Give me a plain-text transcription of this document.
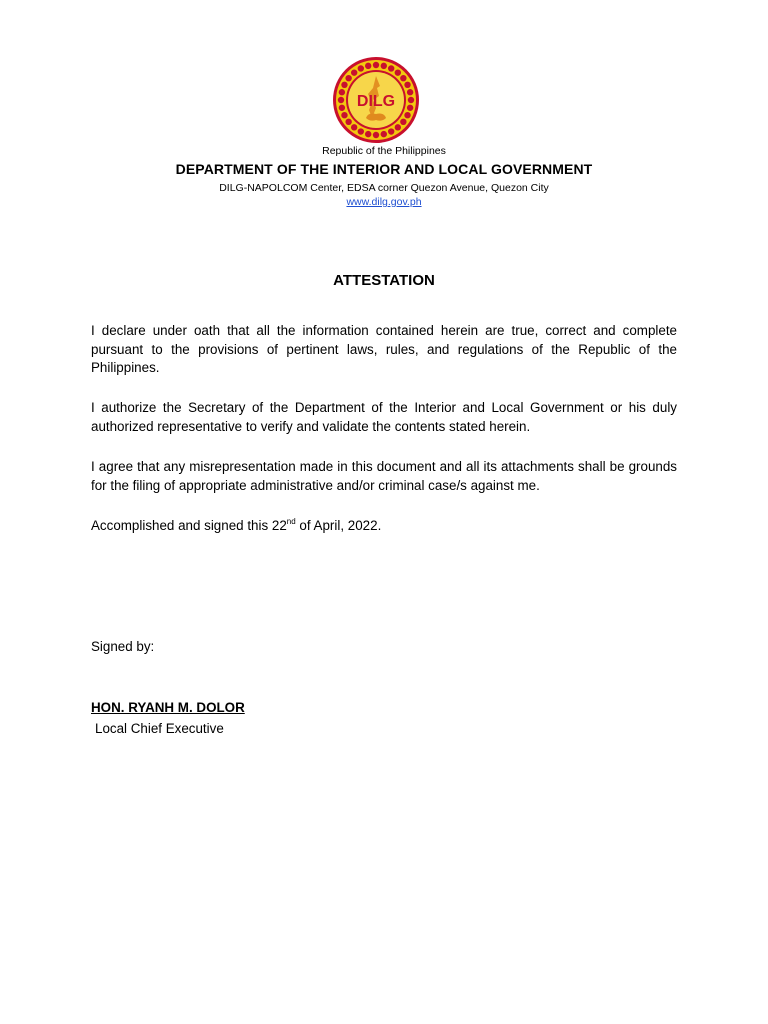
DILG
Republic of the Philippines
DEPARTMENT OF THE INTERIOR AND LOCAL GOVERNMENT
DILG-NAPOLCOM Center, EDSA corner Quezon Avenue, Quezon City
www.dilg.gov.ph
ATTESTATION
I declare under oath that all the information contained herein are true, correct and complete pursuant to the provisions of pertinent laws, rules, and regulations of the Republic of the Philippines.
I authorize the Secretary of the Department of the Interior and Local Government or his duly authorized representative to verify and validate the contents stated herein.
I agree that any misrepresentation made in this document and all its attachments shall be grounds for the filing of appropriate administrative and/or criminal case/s against me.
Accomplished and signed this 22nd of April, 2022.
Signed by:
HON. RYANH M. DOLOR
Local Chief Executive
